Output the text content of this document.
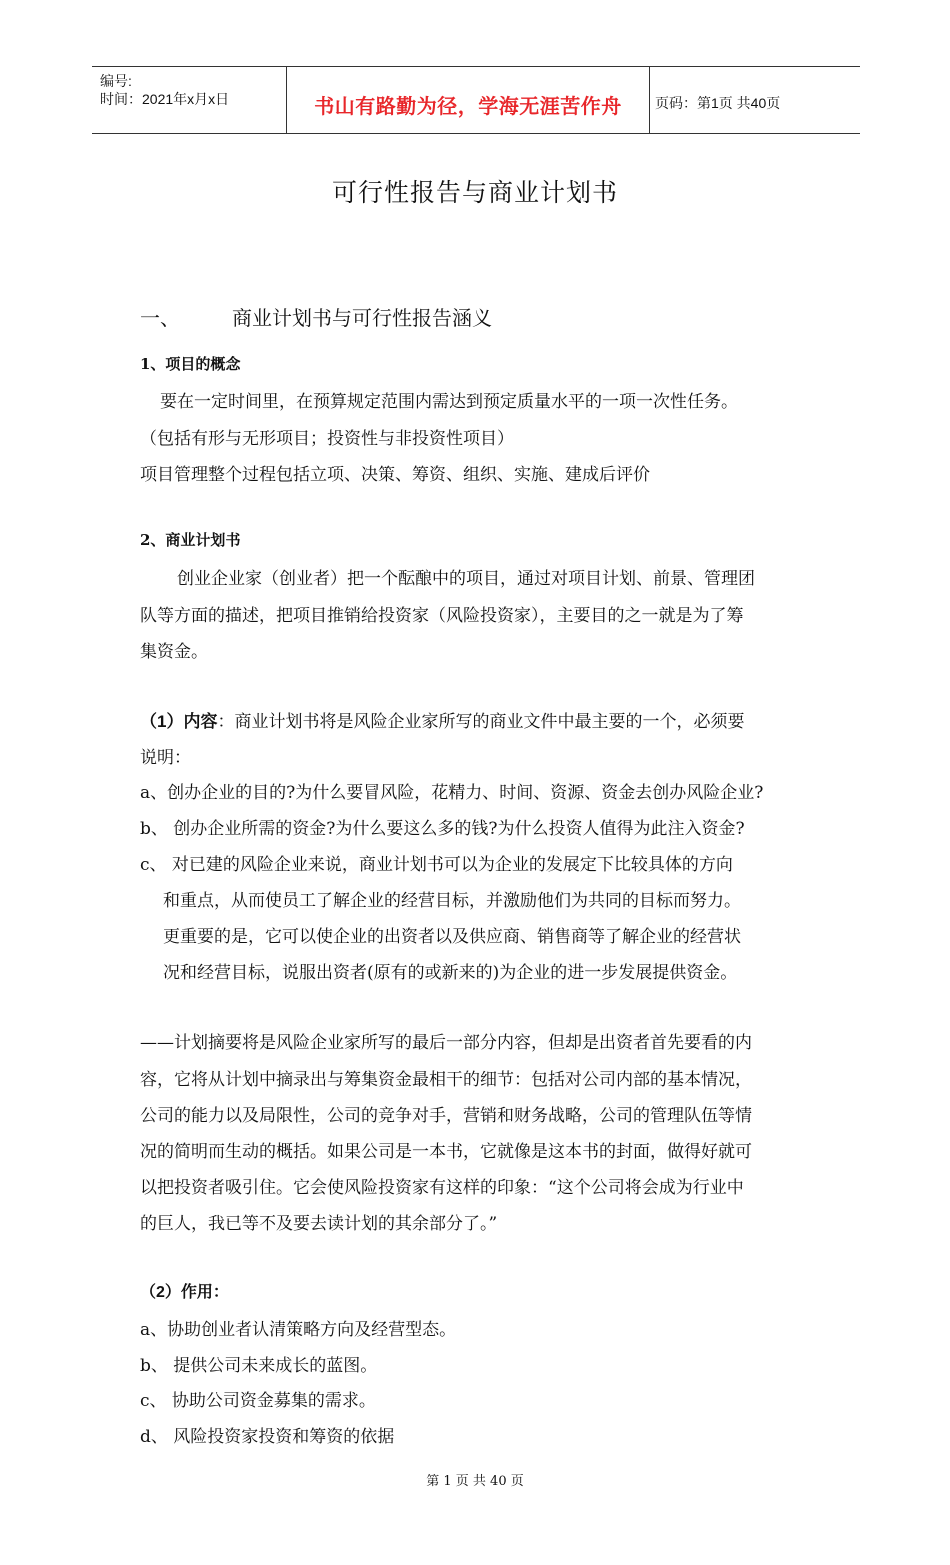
编号:
时间：2021年x月x日	书山有路勤为径，学海无涯苦作舟	页码：第1页 共40页
可行性报告与商业计划书
一、	商业计划书与可行性报告涵义
1、项目的概念
要在一定时间里，在预算规定范围内需达到预定质量水平的一项一次性任务。
（包括有形与无形项目；投资性与非投资性项目）
项目管理整个过程包括立项、决策、筹资、组织、实施、建成后评价
2、商业计划书
创业企业家（创业者）把一个酝酿中的项目，通过对项目计划、前景、管理团
队等方面的描述，把项目推销给投资家（风险投资家），主要目的之一就是为了筹
集资金。
（1）内容：商业计划书将是风险企业家所写的商业文件中最主要的一个，必须要
说明：
a、创办企业的目的?为什么要冒风险，花精力、时间、资源、资金去创办风险企业?
b、 创办企业所需的资金?为什么要这么多的钱?为什么投资人值得为此注入资金?
c、 对已建的风险企业来说，商业计划书可以为企业的发展定下比较具体的方向
和重点，从而使员工了解企业的经营目标，并激励他们为共同的目标而努力。
更重要的是，它可以使企业的出资者以及供应商、销售商等了解企业的经营状
况和经营目标，说服出资者(原有的或新来的)为企业的进一步发展提供资金。
——计划摘要将是风险企业家所写的最后一部分内容，但却是出资者首先要看的内
容，它将从计划中摘录出与筹集资金最相干的细节：包括对公司内部的基本情况，
公司的能力以及局限性，公司的竞争对手，营销和财务战略，公司的管理队伍等情
况的简明而生动的概括。如果公司是一本书，它就像是这本书的封面，做得好就可
以把投资者吸引住。它会使风险投资家有这样的印象：“这个公司将会成为行业中
的巨人，我已等不及要去读计划的其余部分了。”
（2）作用：
a、协助创业者认清策略方向及经营型态。
b、 提供公司未来成长的蓝图。
c、 协助公司资金募集的需求。
d、 风险投资家投资和筹资的依据
第 1 页 共 40 页
